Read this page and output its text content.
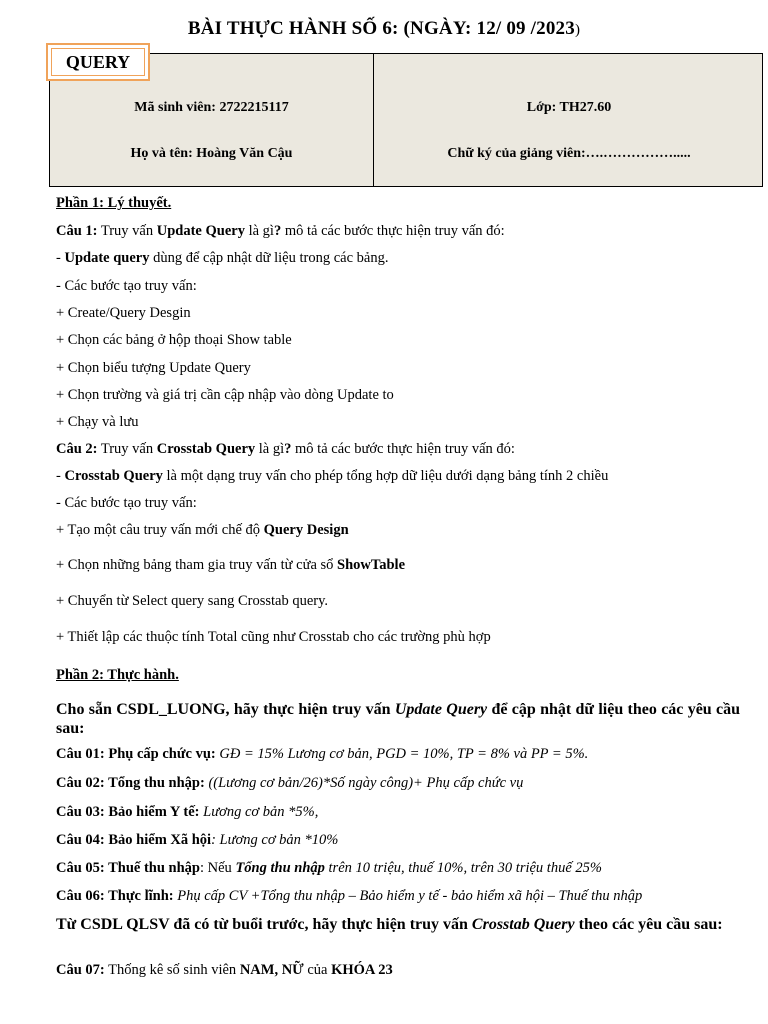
BÀI THỰC HÀNH SỐ 6: (NGÀY: 12/ 09 /2023)
Mã sinh viên: 2722215117	Lớp: TH27.60
Họ và tên: Hoàng Văn Cậu	Chữ ký của giảng viên:….…………….....
QUERY
Phần 1: Lý thuyết.
Câu 1: Truy vấn Update Query là gì? mô tả các bước thực hiện truy vấn đó:
- Update query dùng để cập nhật dữ liệu trong các bảng.
- Các bước tạo truy vấn:
+ Create/Query Desgin
+ Chọn các bảng ở hộp thoại Show table
+ Chọn biểu tượng Update Query
+ Chọn trường và giá trị cần cập nhập vào dòng Update to
+ Chạy và lưu
Câu 2: Truy vấn Crosstab Query là gì? mô tả các bước thực hiện truy vấn đó:
- Crosstab Query là một dạng truy vấn cho phép tổng hợp dữ liệu dưới dạng bảng tính 2 chiều
- Các bước tạo truy vấn:
+ Tạo một câu truy vấn mới chế độ Query Design
+ Chọn những bảng tham gia truy vấn từ cửa sổ ShowTable
+ Chuyển từ Select query sang Crosstab query.
+ Thiết lập các thuộc tính Total cũng như Crosstab cho các trường phù hợp
Phần 2: Thực hành.
Cho sẵn CSDL_LUONG, hãy thực hiện truy vấn Update Query để cập nhật dữ liệu theo các yêu cầu sau:
Câu 01: Phụ cấp chức vụ: GĐ = 15% Lương cơ bản, PGD = 10%, TP = 8% và PP = 5%.
Câu 02: Tổng thu nhập: ((Lương cơ bản/26)*Số ngày công)+ Phụ cấp chức vụ
Câu 03: Bảo hiểm Y tế: Lương cơ bản *5%,
Câu 04: Bảo hiểm Xã hội: Lương cơ bản *10%
Câu 05: Thuế thu nhập: Nếu Tổng thu nhập trên 10 triệu, thuế 10%, trên 30 triệu thuế 25%
Câu 06: Thực lĩnh: Phụ cấp CV +Tổng thu nhập – Bảo hiểm y tế - bảo hiểm xã hội – Thuế thu nhập
Từ CSDL QLSV đã có từ buổi trước, hãy thực hiện truy vấn Crosstab Query theo các yêu cầu sau:
Câu 07: Thống kê số sinh viên NAM, NỮ của KHÓA 23
